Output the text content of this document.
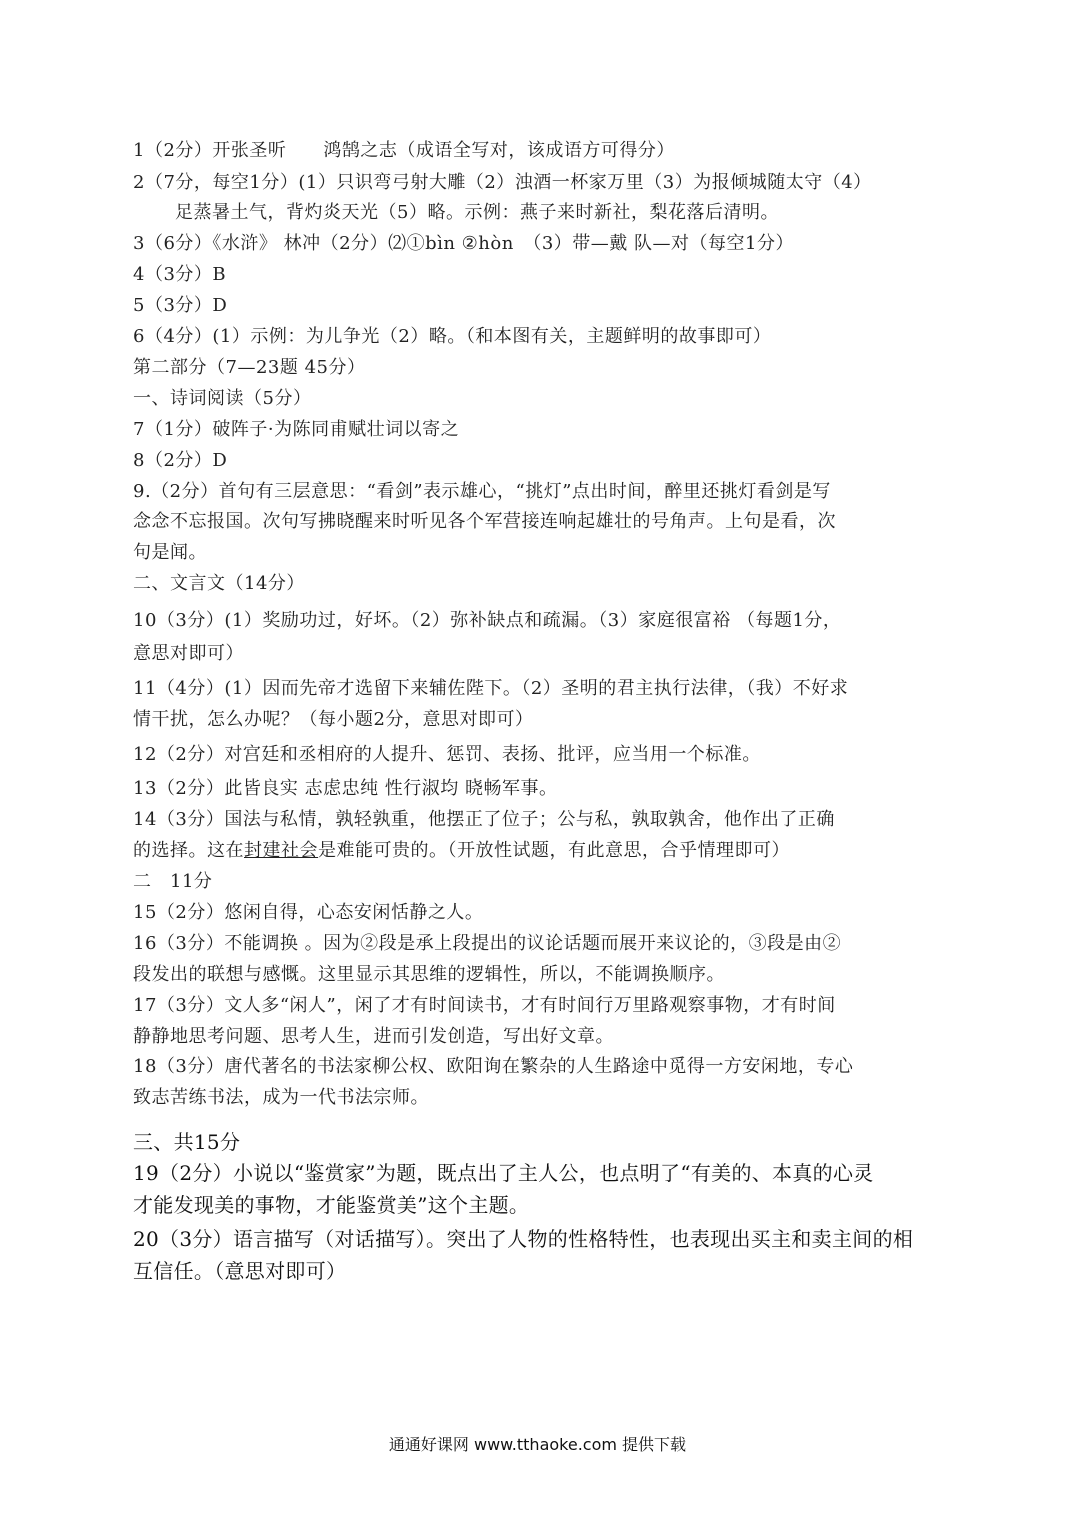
1（2分）开张圣听　　鸿鹄之志（成语全写对，该成语方可得分）
2（7分，每空1分）(1）只识弯弓射大雕（2）浊酒一杯家万里（3）为报倾城随太守（4）
足蒸暑土气，背灼炎天光（5）略。示例：燕子来时新社，梨花落后清明。
3（6分）《水浒》 林冲（2分）⑵①bìn ②hòn　（3）带—戴 队—对（每空1分）
4（3分）B
5（3分）D
6（4分）(1）示例：为儿争光（2）略。（和本图有关，主题鲜明的故事即可）
第二部分（7—23题 45分）
一、诗词阅读（5分）
7（1分）破阵子·为陈同甫赋壮词以寄之
8（2分）D
9.（2分）首句有三层意思：“看剑”表示雄心，“挑灯”点出时间，醉里还挑灯看剑是写
念念不忘报国。次句写拂晓醒来时听见各个军营接连响起雄壮的号角声。上句是看，次
句是闻。
二、文言文（14分）
10（3分）(1）奖励功过，好坏。（2）弥补缺点和疏漏。（3）家庭很富裕 （每题1分，
意思对即可）
11（4分）(1）因而先帝才选留下来辅佐陛下。（2）圣明的君主执行法律，（我）不好求
情干扰，怎么办呢？（每小题2分，意思对即可）
12（2分）对宫廷和丞相府的人提升、惩罚、表扬、批评，应当用一个标准。
13（2分）此皆良实 志虑忠纯 性行淑均 晓畅军事。
14（3分）国法与私情，孰轻孰重，他摆正了位子；公与私，孰取孰舍，他作出了正确
的选择。这在封建社会是难能可贵的。（开放性试题，有此意思，合乎情理即可）
二　11分
15（2分）悠闲自得，心态安闲恬静之人。
16（3分）不能调换 。因为②段是承上段提出的议论话题而展开来议论的，③段是由②
段发出的联想与感慨。这里显示其思维的逻辑性，所以，不能调换顺序。
17（3分）文人多“闲人”，闲了才有时间读书，才有时间行万里路观察事物，才有时间
静静地思考问题、思考人生，进而引发创造，写出好文章。
18（3分）唐代著名的书法家柳公权、欧阳询在繁杂的人生路途中觅得一方安闲地，专心
致志苦练书法，成为一代书法宗师。
三、共15分
19（2分）小说以“鉴赏家”为题，既点出了主人公，也点明了“有美的、本真的心灵
才能发现美的事物，才能鉴赏美”这个主题。
20（3分）语言描写（对话描写）。突出了人物的性格特性，也表现出买主和卖主间的相
互信任。（意思对即可）
通通好课网 www.tthaoke.com 提供下载
